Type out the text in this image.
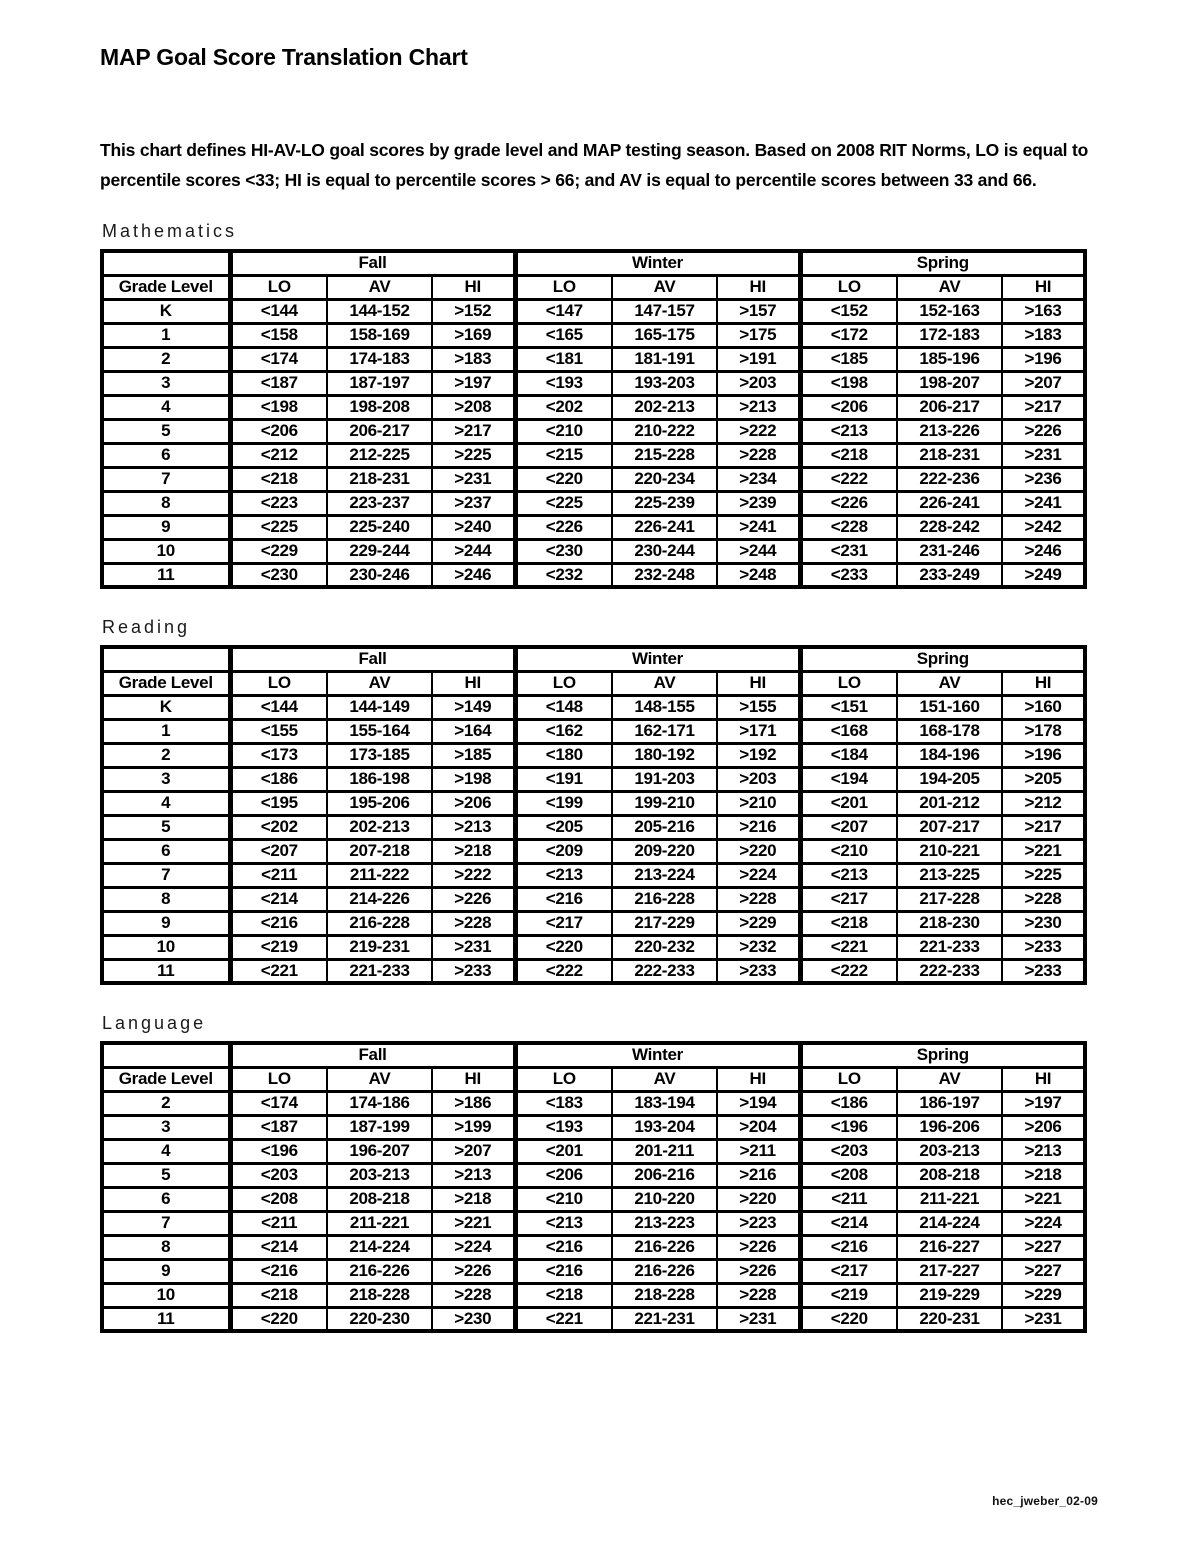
MAP Goal Score Translation Chart

This chart defines HI-AV-LO goal scores by grade level and MAP testing season. Based on 2008 RIT Norms, LO is equal to percentile scores <33; HI is equal to percentile scores > 66; and AV is equal to percentile scores between 33 and 66.

Mathematics
	Fall			Winter			Spring		
Grade Level	LO	AV	HI	LO	AV	HI	LO	AV	HI
K	<144	144-152	>152	<147	147-157	>157	<152	152-163	>163
1	<158	158-169	>169	<165	165-175	>175	<172	172-183	>183
2	<174	174-183	>183	<181	181-191	>191	<185	185-196	>196
3	<187	187-197	>197	<193	193-203	>203	<198	198-207	>207
4	<198	198-208	>208	<202	202-213	>213	<206	206-217	>217
5	<206	206-217	>217	<210	210-222	>222	<213	213-226	>226
6	<212	212-225	>225	<215	215-228	>228	<218	218-231	>231
7	<218	218-231	>231	<220	220-234	>234	<222	222-236	>236
8	<223	223-237	>237	<225	225-239	>239	<226	226-241	>241
9	<225	225-240	>240	<226	226-241	>241	<228	228-242	>242
10	<229	229-244	>244	<230	230-244	>244	<231	231-246	>246
11	<230	230-246	>246	<232	232-248	>248	<233	233-249	>249
Reading
	Fall			Winter			Spring		
Grade Level	LO	AV	HI	LO	AV	HI	LO	AV	HI
K	<144	144-149	>149	<148	148-155	>155	<151	151-160	>160
1	<155	155-164	>164	<162	162-171	>171	<168	168-178	>178
2	<173	173-185	>185	<180	180-192	>192	<184	184-196	>196
3	<186	186-198	>198	<191	191-203	>203	<194	194-205	>205
4	<195	195-206	>206	<199	199-210	>210	<201	201-212	>212
5	<202	202-213	>213	<205	205-216	>216	<207	207-217	>217
6	<207	207-218	>218	<209	209-220	>220	<210	210-221	>221
7	<211	211-222	>222	<213	213-224	>224	<213	213-225	>225
8	<214	214-226	>226	<216	216-228	>228	<217	217-228	>228
9	<216	216-228	>228	<217	217-229	>229	<218	218-230	>230
10	<219	219-231	>231	<220	220-232	>232	<221	221-233	>233
11	<221	221-233	>233	<222	222-233	>233	<222	222-233	>233
Language
	Fall			Winter			Spring		
Grade Level	LO	AV	HI	LO	AV	HI	LO	AV	HI
2	<174	174-186	>186	<183	183-194	>194	<186	186-197	>197
3	<187	187-199	>199	<193	193-204	>204	<196	196-206	>206
4	<196	196-207	>207	<201	201-211	>211	<203	203-213	>213
5	<203	203-213	>213	<206	206-216	>216	<208	208-218	>218
6	<208	208-218	>218	<210	210-220	>220	<211	211-221	>221
7	<211	211-221	>221	<213	213-223	>223	<214	214-224	>224
8	<214	214-224	>224	<216	216-226	>226	<216	216-227	>227
9	<216	216-226	>226	<216	216-226	>226	<217	217-227	>227
10	<218	218-228	>228	<218	218-228	>228	<219	219-229	>229
11	<220	220-230	>230	<221	221-231	>231	<220	220-231	>231
hec_jweber_02-09
